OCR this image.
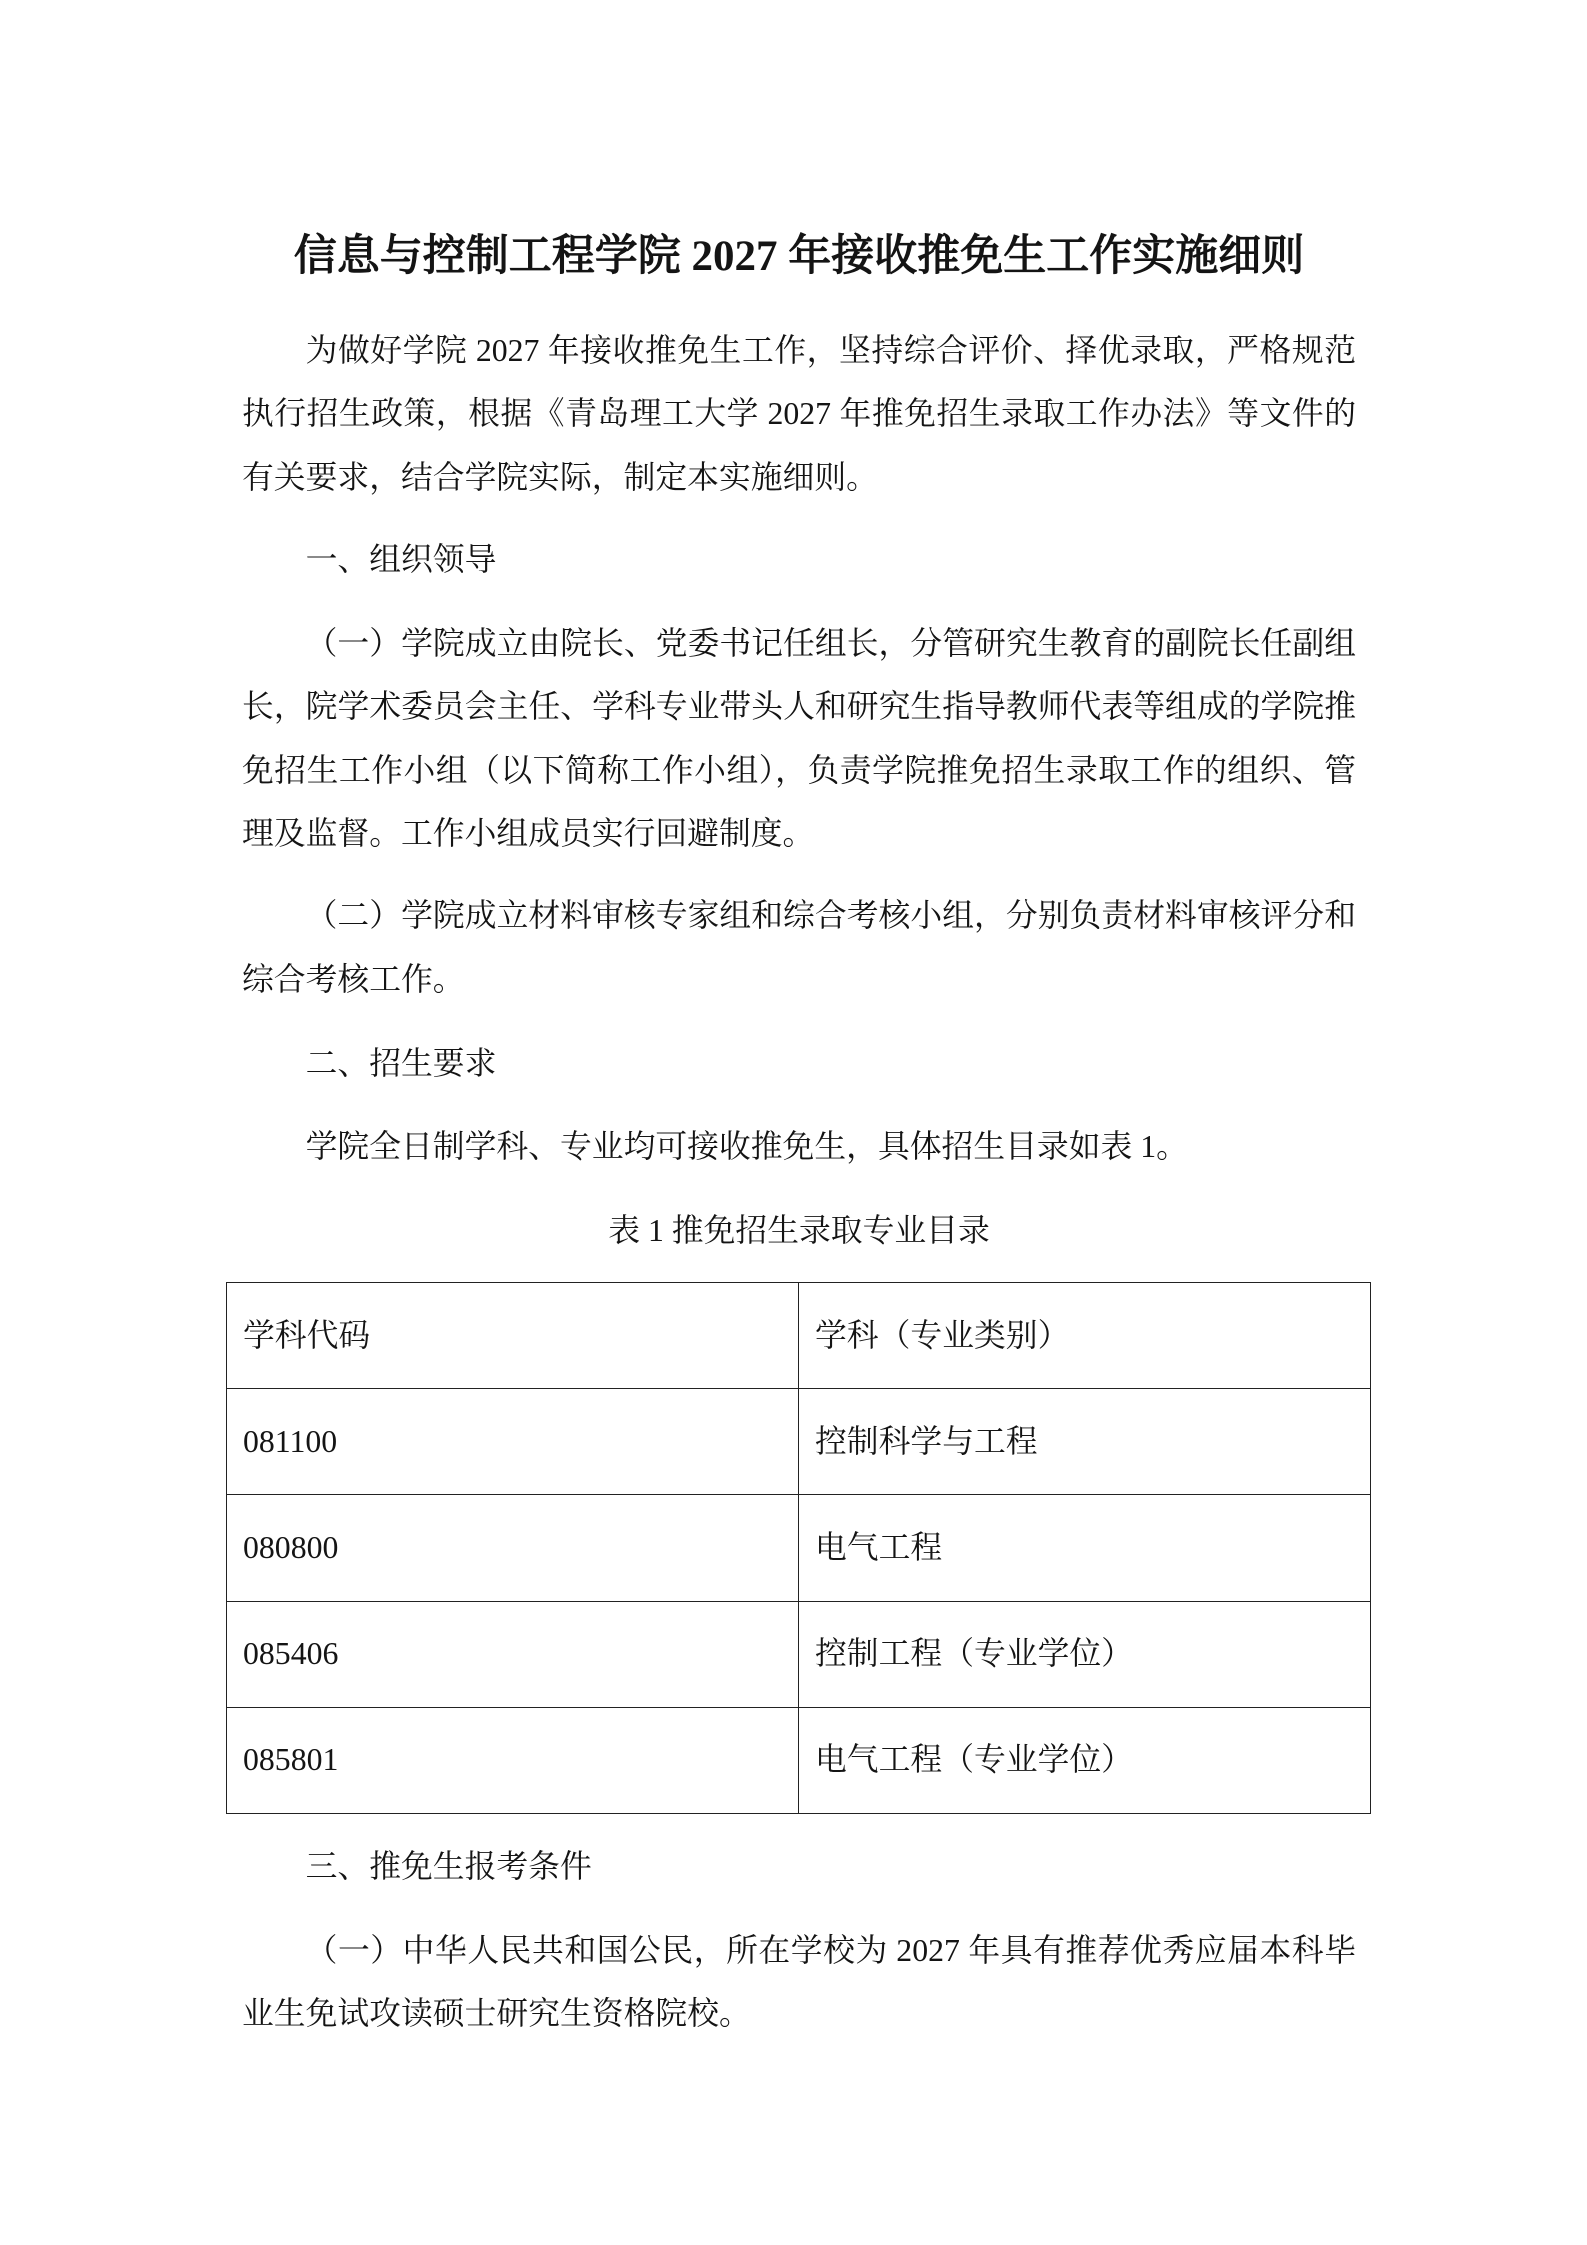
信息与控制工程学院 2027 年接收推免生工作实施细则
为做好学院 2027 年接收推免生工作，坚持综合评价、择优录取，严格规范
执行招生政策，根据《青岛理工大学 2027 年推免招生录取工作办法》等文件的
有关要求，结合学院实际，制定本实施细则。
一、组织领导
（一）学院成立由院长、党委书记任组长，分管研究生教育的副院长任副组
长，院学术委员会主任、学科专业带头人和研究生指导教师代表等组成的学院推
免招生工作小组（以下简称工作小组），负责学院推免招生录取工作的组织、管
理及监督。工作小组成员实行回避制度。
（二）学院成立材料审核专家组和综合考核小组，分别负责材料审核评分和
综合考核工作。
二、招生要求
学院全日制学科、专业均可接收推免生，具体招生目录如表 1。
表 1 推免招生录取专业目录
学科代码	学科（专业类别）
081100	控制科学与工程
080800	电气工程
085406	控制工程（专业学位）
085801	电气工程（专业学位）
三、推免生报考条件
（一）中华人民共和国公民，所在学校为 2027 年具有推荐优秀应届本科毕
业生免试攻读硕士研究生资格院校。
